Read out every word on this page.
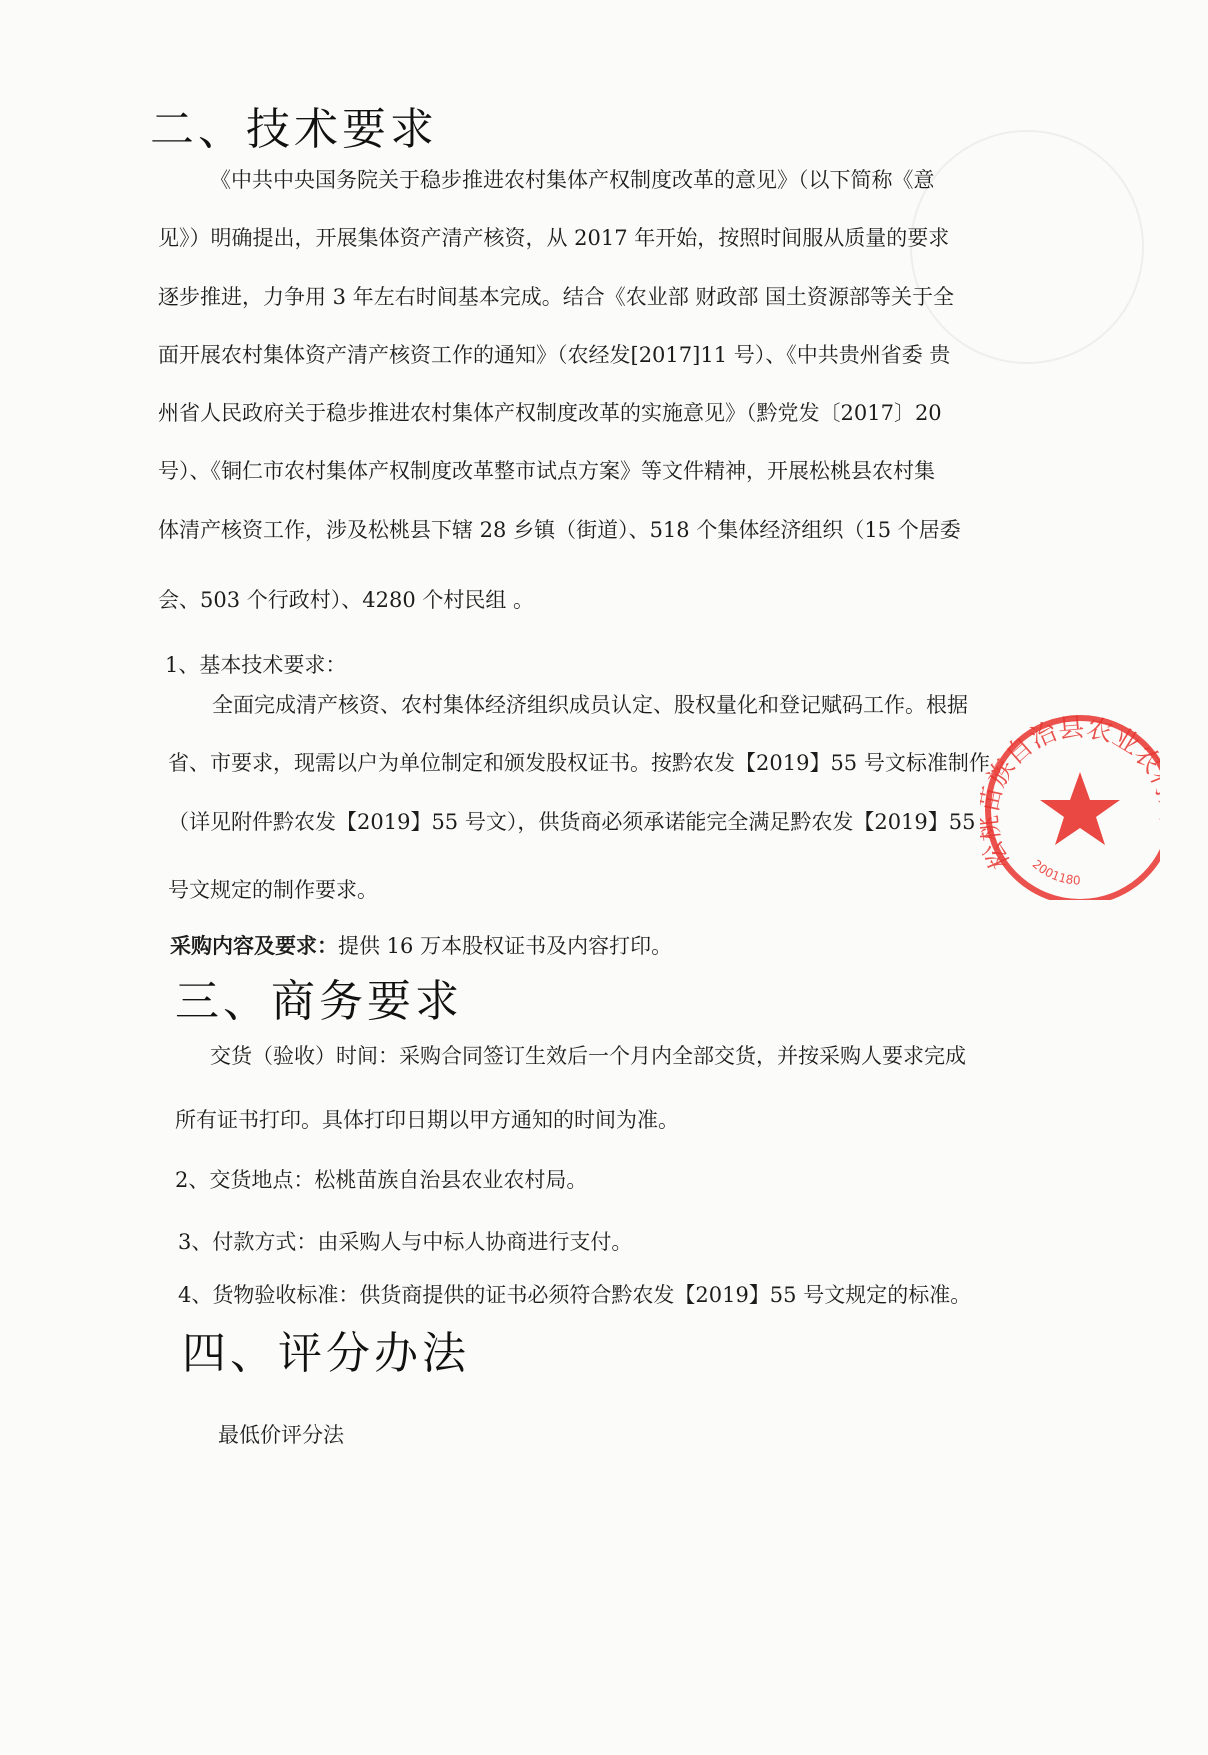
二、技术要求
《中共中央国务院关于稳步推进农村集体产权制度改革的意见》（以下简称《意
见》）明确提出，开展集体资产清产核资，从 2017 年开始，按照时间服从质量的要求
逐步推进，力争用 3 年左右时间基本完成。结合《农业部 财政部 国土资源部等关于全
面开展农村集体资产清产核资工作的通知》（农经发[2017]11 号）、《中共贵州省委 贵
州省人民政府关于稳步推进农村集体产权制度改革的实施意见》（黔党发〔2017〕20
号）、《铜仁市农村集体产权制度改革整市试点方案》等文件精神，开展松桃县农村集
体清产核资工作，涉及松桃县下辖 28 乡镇（街道）、518 个集体经济组织（15 个居委
会、503 个行政村）、4280 个村民组 。
1、基本技术要求：
全面完成清产核资、农村集体经济组织成员认定、股权量化和登记赋码工作。根据
省、市要求，现需以户为单位制定和颁发股权证书。按黔农发【2019】55 号文标准制作
（详见附件黔农发【2019】55 号文），供货商必须承诺能完全满足黔农发【2019】55
号文规定的制作要求。
采购内容及要求：提供 16 万本股权证书及内容打印。
三、商务要求
交货（验收）时间：采购合同签订生效后一个月内全部交货，并按采购人要求完成
所有证书打印。具体打印日期以甲方通知的时间为准。
2、交货地点：松桃苗族自治县农业农村局。
3、付款方式：由采购人与中标人协商进行支付。
4、货物验收标准：供货商提供的证书必须符合黔农发【2019】55 号文规定的标准。
四、评分办法
最低价评分法
松 族自治县农业
2001180
